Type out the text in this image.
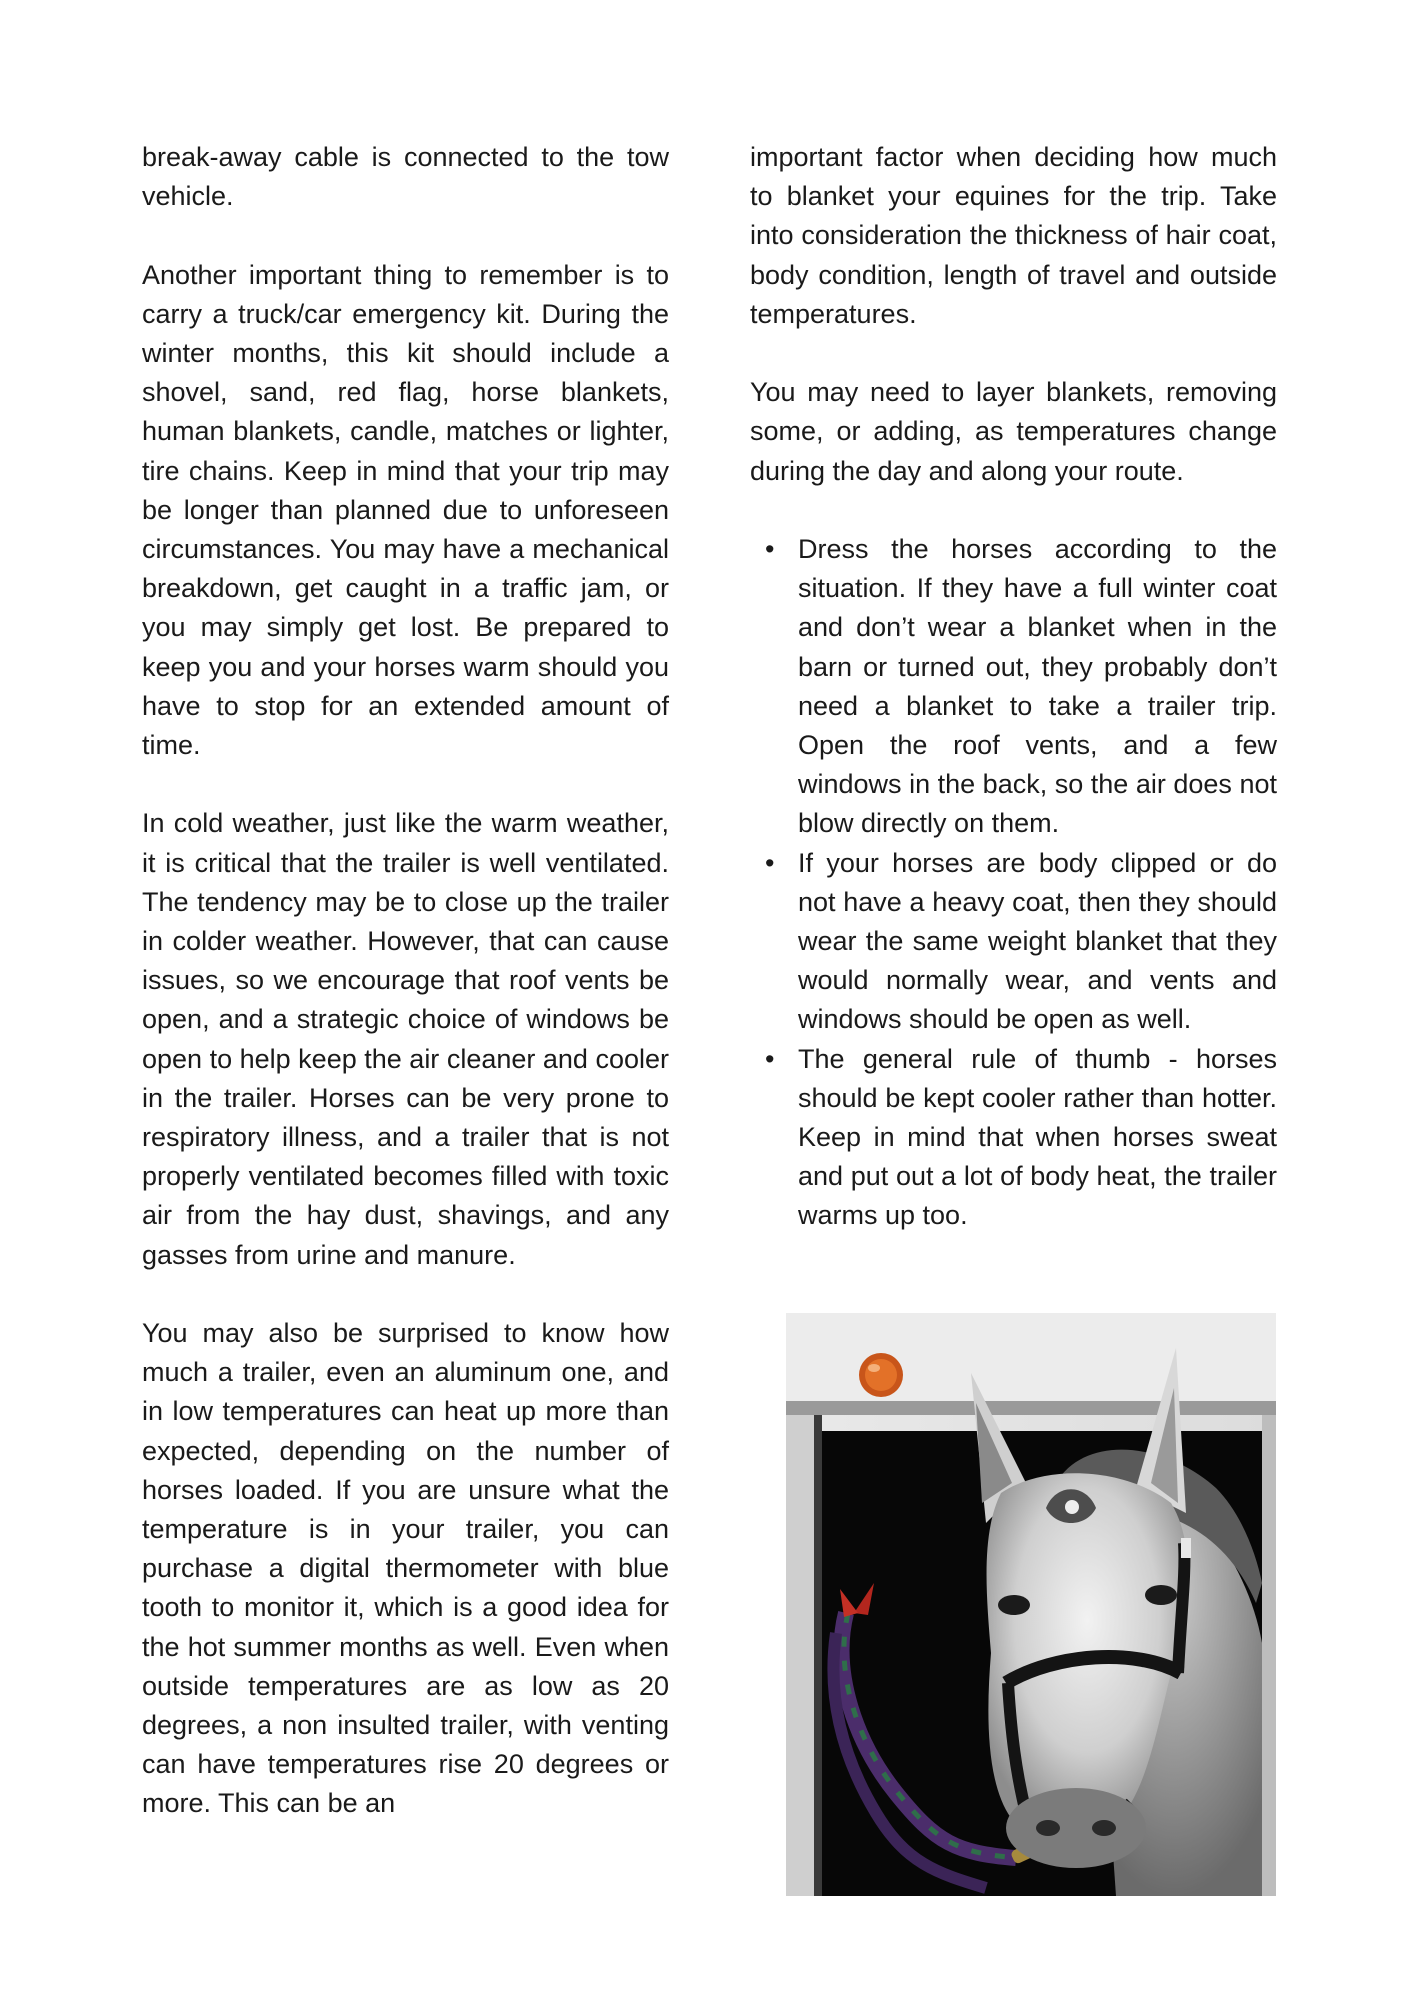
break-away cable is connected to the tow vehicle.

Another important thing to remember is to carry a truck/car emergency kit. During the winter months, this kit should include a shovel, sand, red flag, horse blankets, human blankets, candle, matches or lighter, tire chains. Keep in mind that your trip may be longer than planned due to unforeseen circumstances. You may have a mechanical breakdown, get caught in a traffic jam, or you may simply get lost. Be prepared to keep you and your horses warm should you have to stop for an extended amount of time.

In cold weather, just like the warm weather, it is critical that the trailer is well ventilated. The tendency may be to close up the trailer in colder weather. However, that can cause issues, so we encourage that roof vents be open, and a strategic choice of windows be open to help keep the air cleaner and cooler in the trailer. Horses can be very prone to respiratory illness, and a trailer that is not properly ventilated becomes filled with toxic air from the hay dust, shavings, and any gasses from urine and manure.

You may also be surprised to know how much a trailer, even an aluminum one, and in low temperatures can heat up more than expected, depending on the number of horses loaded. If you are unsure what the temperature is in your trailer, you can purchase a digital thermometer with blue tooth to monitor it, which is a good idea for the hot summer months as well. Even when outside temperatures are as low as 20 degrees, a non insulted trailer, with venting can have temperatures rise 20 degrees or more. This can be an

important factor when deciding how much to blanket your equines for the trip. Take into consideration the thickness of hair coat, body condition, length of travel and outside temperatures.

You may need to layer blankets, removing some, or adding, as temperatures change during the day and along your route.

• Dress the horses according to the situation. If they have a full winter coat and don’t wear a blanket when in the barn or turned out, they probably don’t need a blanket to take a trailer trip. Open the roof vents, and a few windows in the back, so the air does not blow directly on them.
• If your horses are body clipped or do not have a heavy coat, then they should wear the same weight blanket that they would normally wear, and vents and windows should be open as well.
• The general rule of thumb - horses should be kept cooler rather than hotter. Keep in mind that when horses sweat and put out a lot of body heat, the trailer warms up too.
